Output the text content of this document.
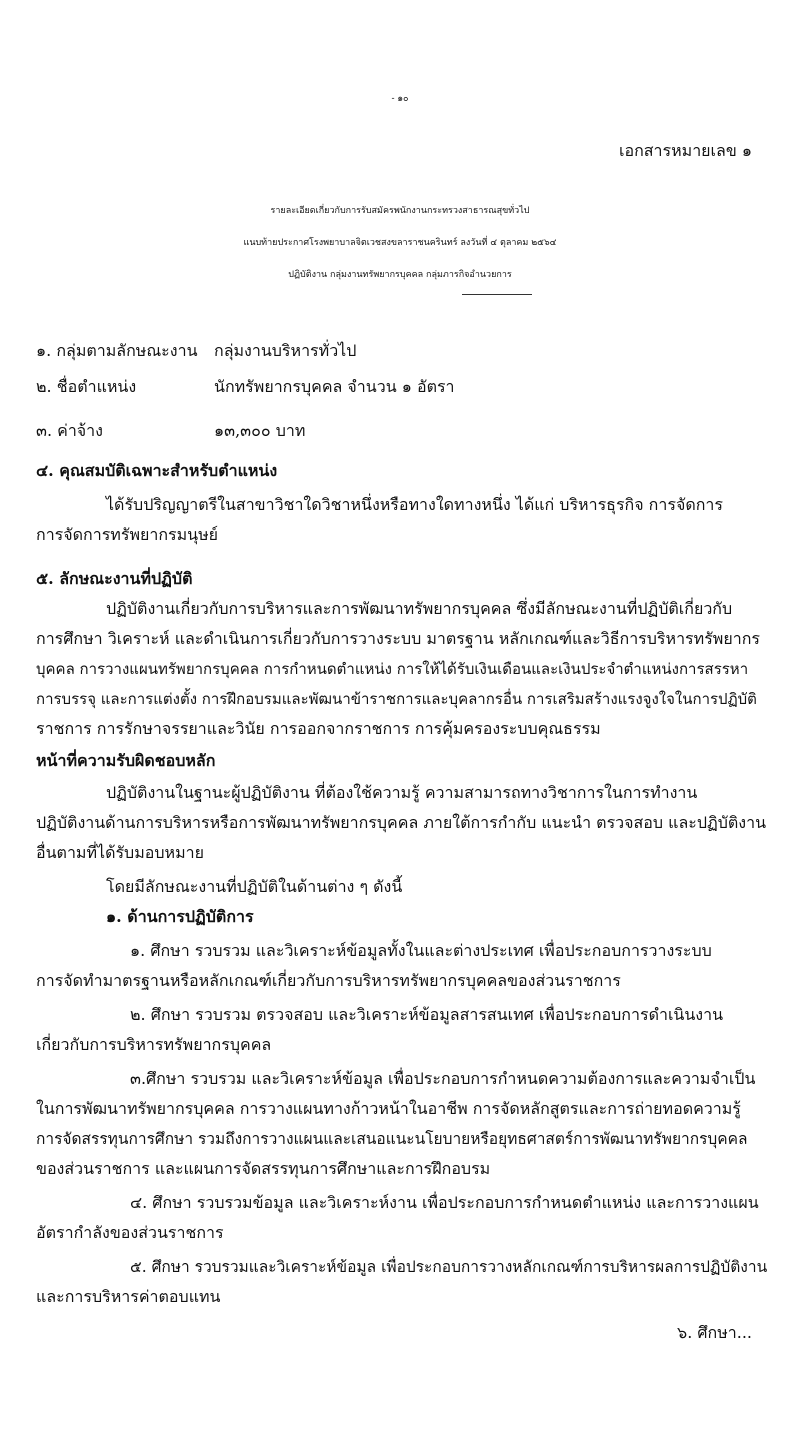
- ๑๐
เอกสารหมายเลข ๑
รายละเอียดเกี่ยวกับการรับสมัครพนักงานกระทรวงสาธารณสุขทั่วไป
แนบท้ายประกาศโรงพยาบาลจิตเวชสงขลาราชนครินทร์ ลงวันที่ ๔ ตุลาคม ๒๕๖๔
ปฏิบัติงาน กลุ่มงานทรัพยากรบุคคล กลุ่มภารกิจอำนวยการ
๑. กลุ่มตามลักษณะงาน กลุ่มงานบริหารทั่วไป
๒. ชื่อตำแหน่ง	นักทรัพยากรบุคคล จำนวน ๑ อัตรา
๓. ค่าจ้าง	๑๓,๓๐๐ บาท
๔. คุณสมบัติเฉพาะสำหรับตำแหน่ง
ได้รับปริญญาตรีในสาขาวิชาใดวิชาหนึ่งหรือทางใดทางหนึ่ง ได้แก่ บริหารธุรกิจ การจัดการ
การจัดการทรัพยากรมนุษย์
๕. ลักษณะงานที่ปฏิบัติ
ปฏิบัติงานเกี่ยวกับการบริหารและการพัฒนาทรัพยากรบุคคล ซึ่งมีลักษณะงานที่ปฏิบัติเกี่ยวกับ
การศึกษา วิเคราะห์ และดำเนินการเกี่ยวกับการวางระบบ มาตรฐาน หลักเกณฑ์และวิธีการบริหารทรัพยากร
บุคคล การวางแผนทรัพยากรบุคคล การกำหนดตำแหน่ง การให้ได้รับเงินเดือนและเงินประจำตำแหน่งการสรรหา
การบรรจุ และการแต่งตั้ง การฝึกอบรมและพัฒนาข้าราชการและบุคลากรอื่น การเสริมสร้างแรงจูงใจในการปฏิบัติ
ราชการ การรักษาจรรยาและวินัย การออกจากราชการ การคุ้มครองระบบคุณธรรม
หน้าที่ความรับผิดชอบหลัก
ปฏิบัติงานในฐานะผู้ปฏิบัติงาน ที่ต้องใช้ความรู้ ความสามารถทางวิชาการในการทำงาน
ปฏิบัติงานด้านการบริหารหรือการพัฒนาทรัพยากรบุคคล ภายใต้การกำกับ แนะนำ ตรวจสอบ และปฏิบัติงาน
อื่นตามที่ได้รับมอบหมาย
โดยมีลักษณะงานที่ปฏิบัติในด้านต่าง ๆ ดังนี้
๑. ด้านการปฏิบัติการ
๑. ศึกษา รวบรวม และวิเคราะห์ข้อมูลทั้งในและต่างประเทศ เพื่อประกอบการวางระบบ
การจัดทำมาตรฐานหรือหลักเกณฑ์เกี่ยวกับการบริหารทรัพยากรบุคคลของส่วนราชการ
๒. ศึกษา รวบรวม ตรวจสอบ และวิเคราะห์ข้อมูลสารสนเทศ เพื่อประกอบการดำเนินงาน
เกี่ยวกับการบริหารทรัพยากรบุคคล
๓.ศึกษา รวบรวม และวิเคราะห์ข้อมูล เพื่อประกอบการกำหนดความต้องการและความจำเป็น
ในการพัฒนาทรัพยากรบุคคล การวางแผนทางก้าวหน้าในอาชีพ การจัดหลักสูตรและการถ่ายทอดความรู้
การจัดสรรทุนการศึกษา รวมถึงการวางแผนและเสนอแนะนโยบายหรือยุทธศาสตร์การพัฒนาทรัพยากรบุคคล
ของส่วนราชการ และแผนการจัดสรรทุนการศึกษาและการฝึกอบรม
๔. ศึกษา รวบรวมข้อมูล และวิเคราะห์งาน เพื่อประกอบการกำหนดตำแหน่ง และการวางแผน
อัตรากำลังของส่วนราชการ
๕. ศึกษา รวบรวมและวิเคราะห์ข้อมูล เพื่อประกอบการวางหลักเกณฑ์การบริหารผลการปฏิบัติงาน
และการบริหารค่าตอบแทน
๖. ศึกษา...
